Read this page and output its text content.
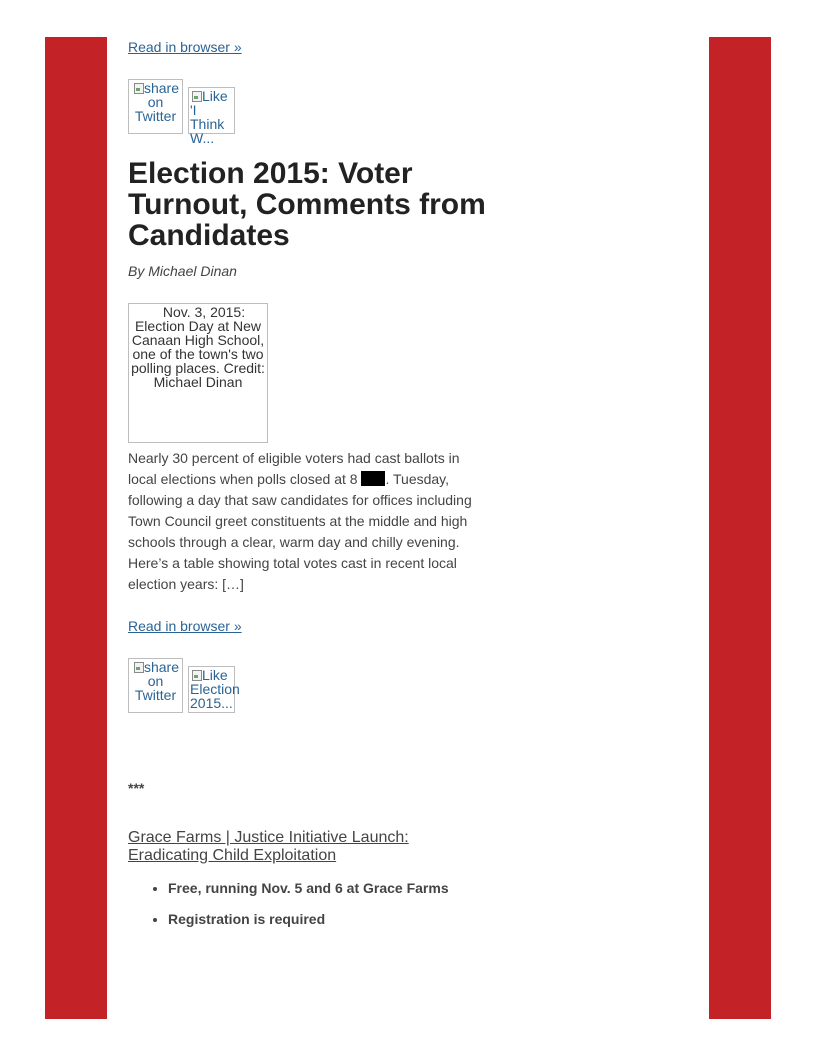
Read in browser »
share on Twitter
Like 'I Think W...
Election 2015: Voter Turnout, Comments from Candidates

By Michael Dinan

Nov. 3, 2015: Election Day at New Canaan High School, one of the town's two polling places. Credit: Michael Dinan

Nearly 30 percent of eligible voters had cast ballots in local elections when polls closed at 8 . Tuesday, following a day that saw candidates for offices including Town Council greet constituents at the middle and high schools through a clear, warm day and chilly evening. Here’s a table showing total votes cast in recent local election years: […]

Read in browser »
share on Twitter
Like Election 2015...

***

Grace Farms | Justice Initiative Launch: Eradicating Child Exploitation
• Free, running Nov. 5 and 6 at Grace Farms
• Registration is required
